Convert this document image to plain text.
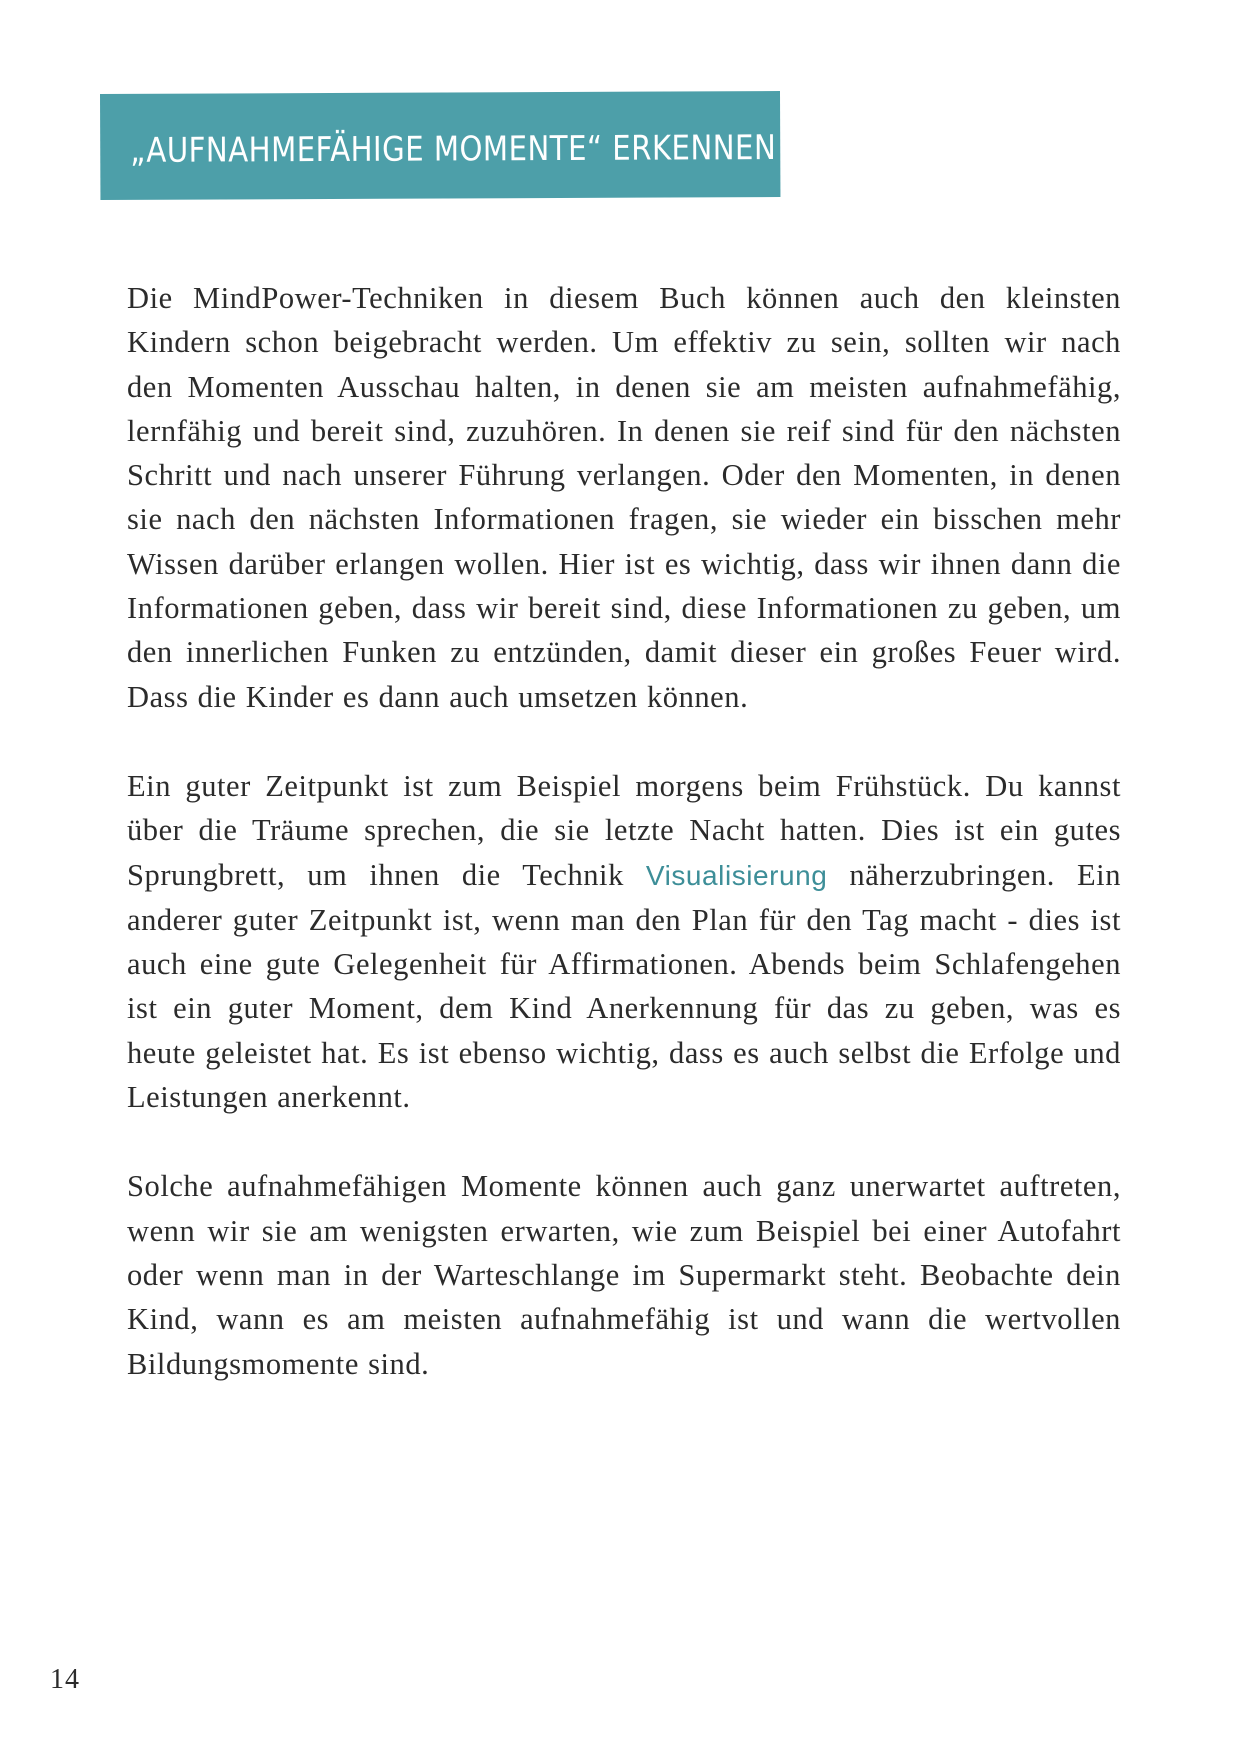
„AUFNAHMEFÄHIGE MOMENTE“ ERKENNEN

Die MindPower-Techniken in diesem Buch können auch den kleinsten Kindern schon beigebracht werden. Um effektiv zu sein, sollten wir nach den Momenten Ausschau halten, in denen sie am meisten aufnahmefähig, lernfähig und bereit sind, zuzuhören. In denen sie reif sind für den nächsten Schritt und nach unserer Führung verlangen. Oder den Momenten, in denen sie nach den nächsten Informationen fragen, sie wieder ein bisschen mehr Wissen darüber erlangen wollen. Hier ist es wichtig, dass wir ihnen dann die Informationen geben, dass wir bereit sind, diese Informationen zu geben, um den innerlichen Funken zu entzünden, damit dieser ein großes Feuer wird. Dass die Kinder es dann auch umsetzen können.

Ein guter Zeitpunkt ist zum Beispiel morgens beim Frühstück. Du kannst über die Träume sprechen, die sie letzte Nacht hatten. Dies ist ein gutes Sprungbrett, um ihnen die Technik Visualisierung näherzubringen. Ein anderer guter Zeitpunkt ist, wenn man den Plan für den Tag macht - dies ist auch eine gute Gelegenheit für Affirmationen. Abends beim Schlafengehen ist ein guter Moment, dem Kind Anerkennung für das zu geben, was es heute geleistet hat. Es ist ebenso wichtig, dass es auch selbst die Erfolge und Leistungen anerkennt.

Solche aufnahmefähigen Momente können auch ganz unerwartet auftreten, wenn wir sie am wenigsten erwarten, wie zum Beispiel bei einer Autofahrt oder wenn man in der Warteschlange im Supermarkt steht. Beobachte dein Kind, wann es am meisten aufnahmefähig ist und wann die wertvollen Bildungsmomente sind.

14
